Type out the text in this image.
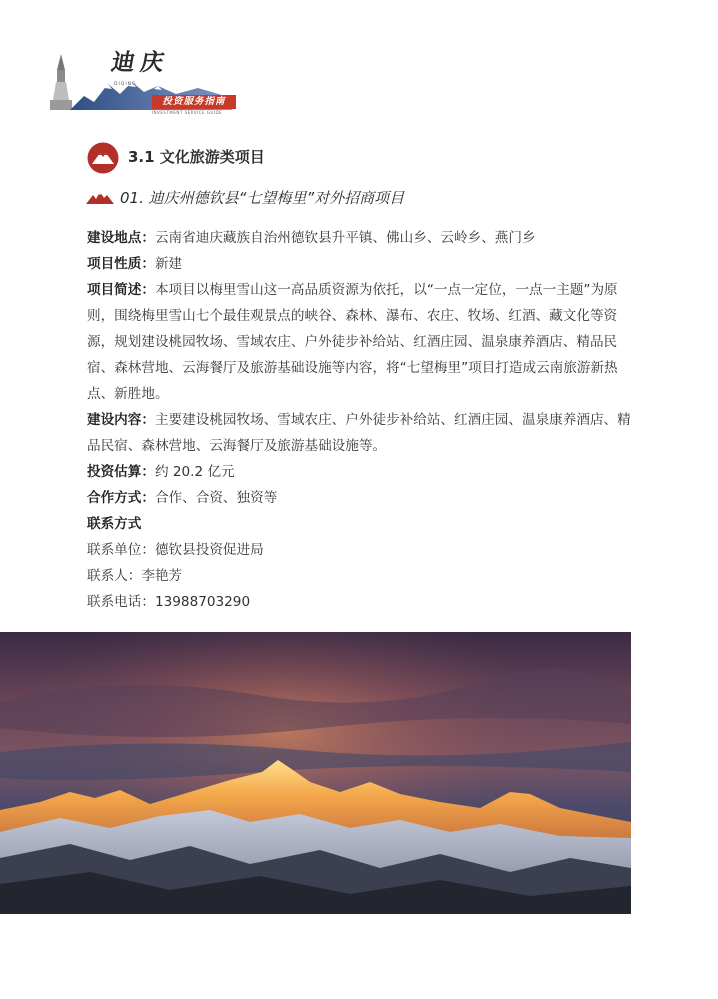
迪庆
DIQING
投资服务指南
INVESTMENT SERVICE GUIDE
3.1 文化旅游类项目
01. 迪庆州德钦县“七望梅里”对外招商项目

建设地点：云南省迪庆藏族自治州德钦县升平镇、佛山乡、云岭乡、燕门乡

项目性质：新建

项目简述：本项目以梅里雪山这一高品质资源为依托，以“一点一定位，一点一主题”为原则，围绕梅里雪山七个最佳观景点的峡谷、森林、瀑布、农庄、牧场、红酒、藏文化等资源，规划建设桃园牧场、雪域农庄、户外徒步补给站、红酒庄园、温泉康养酒店、精品民宿、森林营地、云海餐厅及旅游基础设施等内容，将“七望梅里”项目打造成云南旅游新热点、新胜地。

建设内容：主要建设桃园牧场、雪域农庄、户外徒步补给站、红酒庄园、温泉康养酒店、精品民宿、森林营地、云海餐厅及旅游基础设施等。

投资估算：约 20.2 亿元

合作方式：合作、合资、独资等

联系方式

联系单位：德钦县投资促进局

联系人：李艳芳

联系电话：13988703290
